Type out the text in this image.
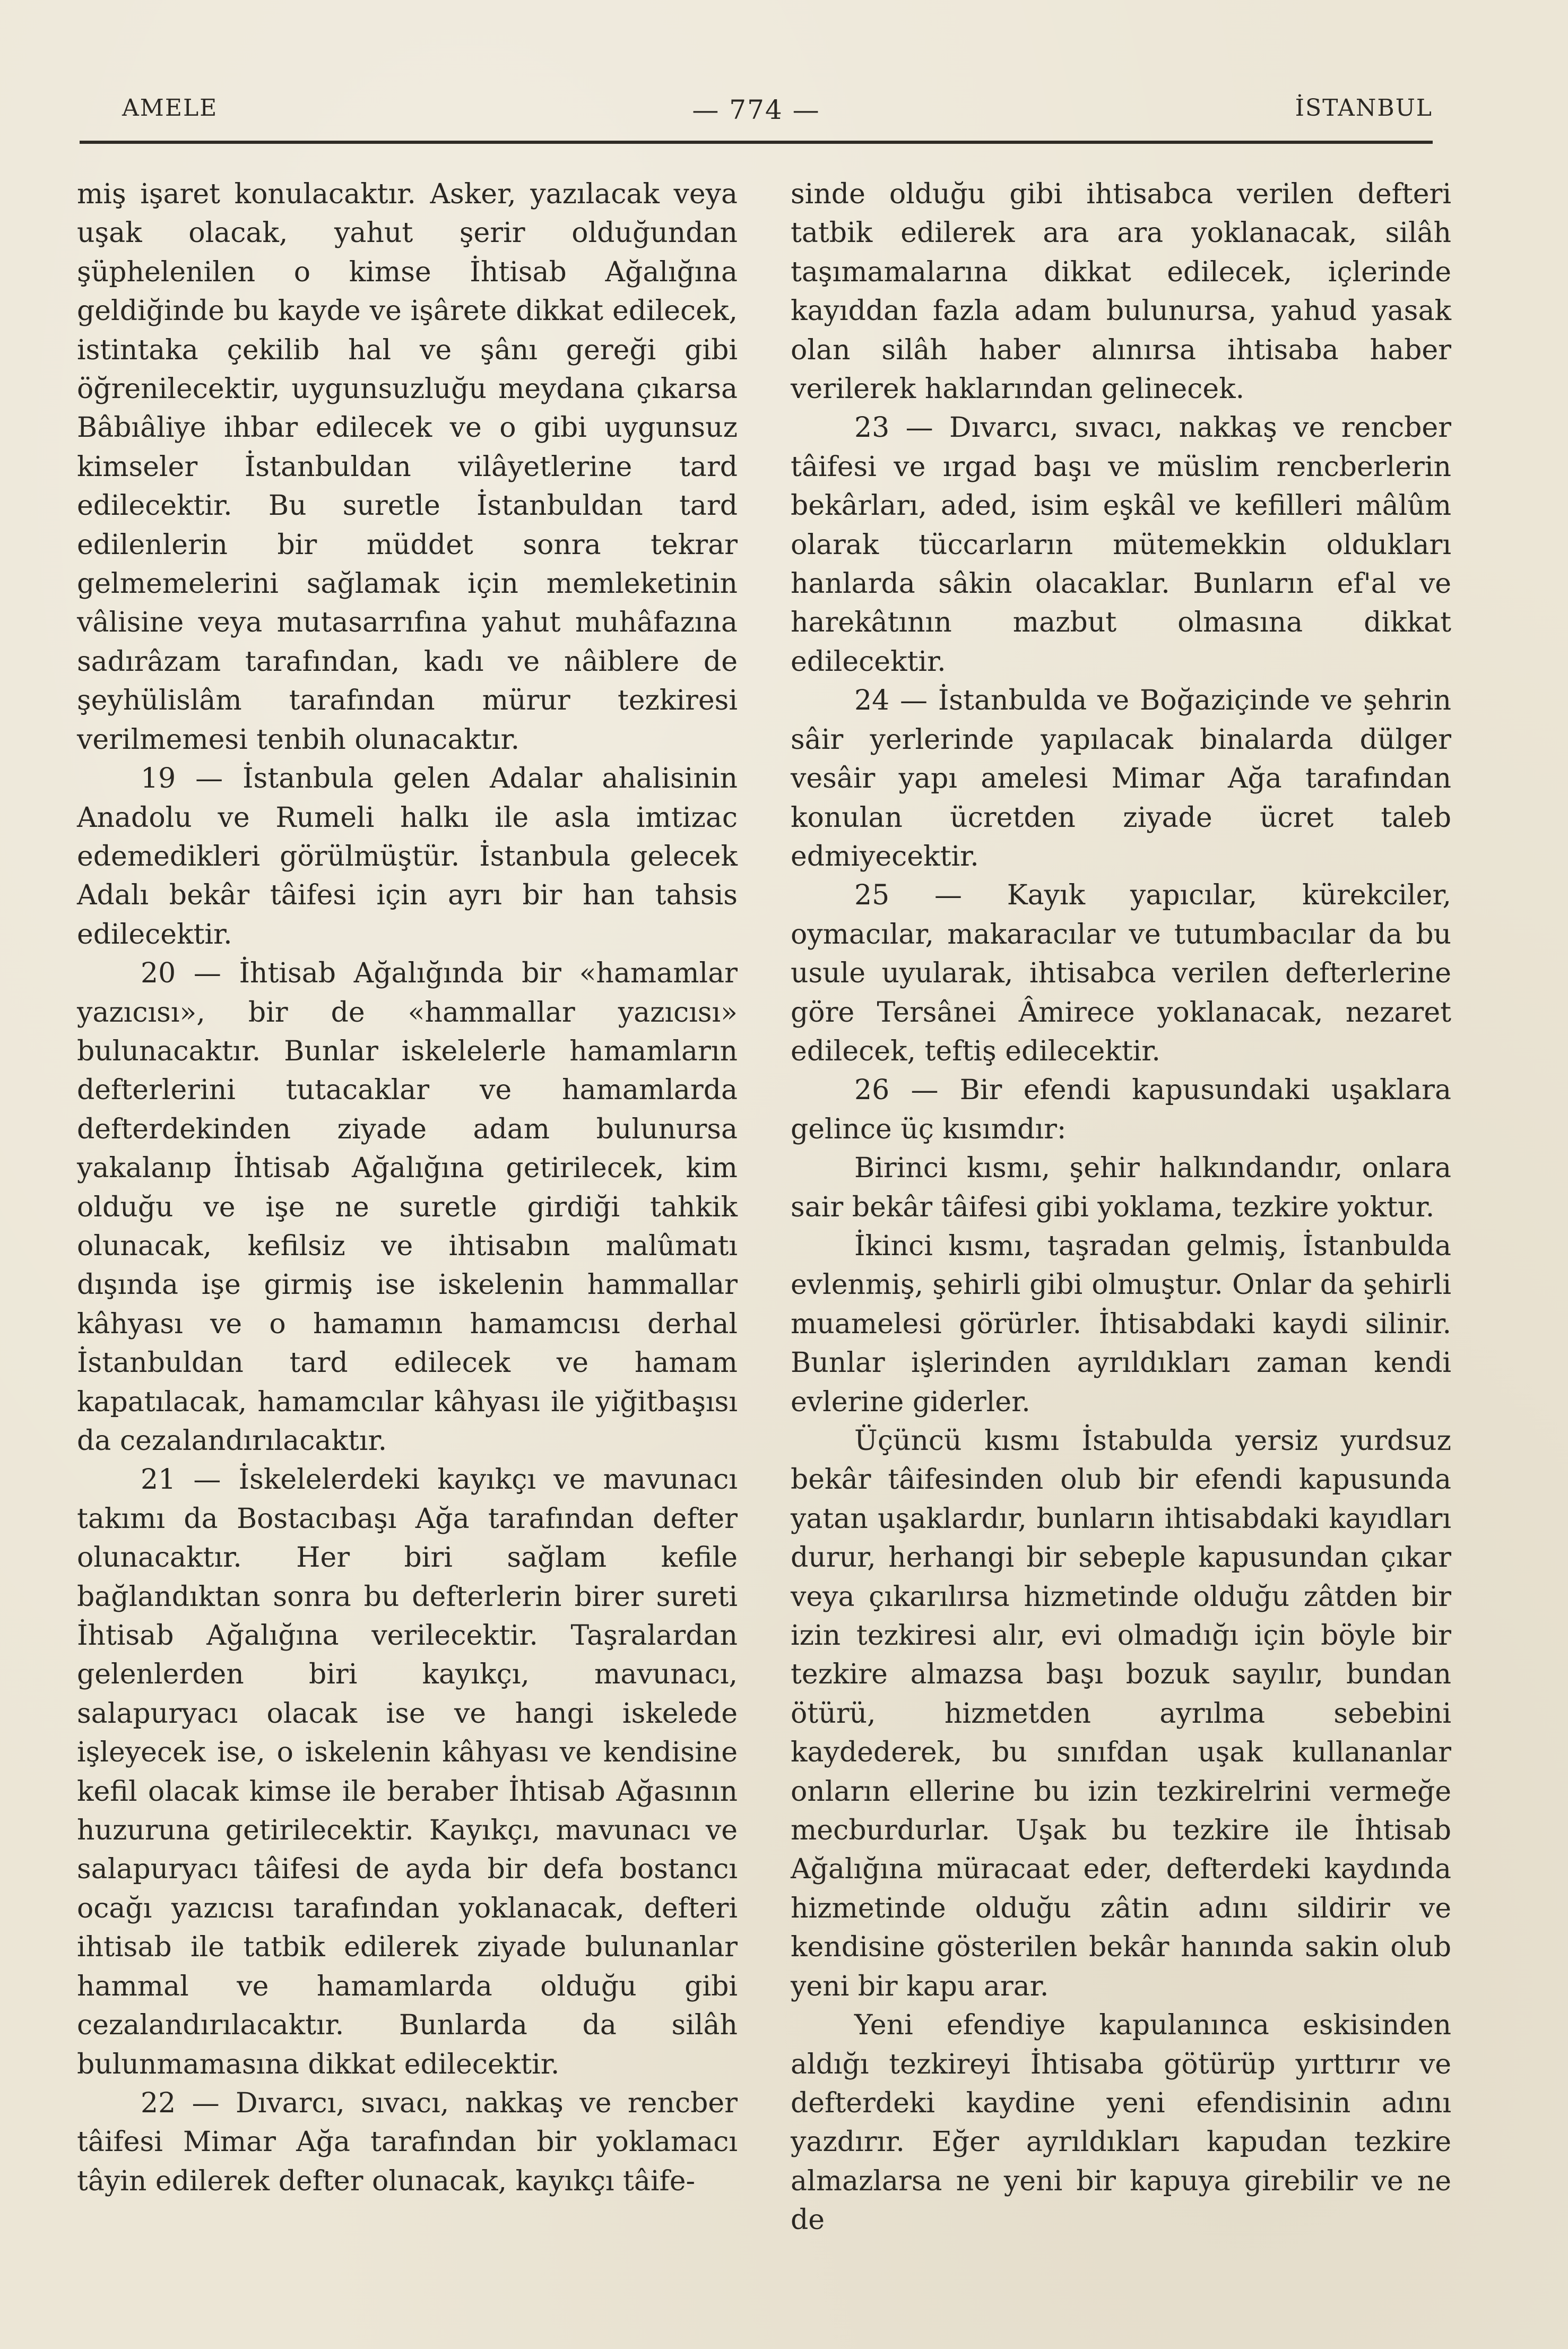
AMELE	— 774 —	İSTANBUL

miş işaret konulacaktır. Asker, yazılacak veya uşak olacak, yahut şerir olduğundan şüphelenilen o kimse İhtisab Ağalığına geldiğinde bu kayde ve işârete dikkat edilecek, istintaka çekilib hal ve şânı gereği gibi öğrenilecektir, uygunsuzluğu meydana çıkarsa Bâbıâliye ihbar edilecek ve o gibi uygunsuz kimseler İstanbuldan vilâyetlerine tard edilecektir. Bu suretle İstanbuldan tard edilenlerin bir müddet sonra tekrar gelmemelerini sağlamak için memleketinin vâlisine veya mutasarrıfına yahut muhâfazına sadırâzam tarafından, kadı ve nâiblere de şeyhülislâm tarafından mürur tezkiresi verilmemesi tenbih olunacaktır.

19 — İstanbula gelen Adalar ahalisinin Anadolu ve Rumeli halkı ile asla imtizac edemedikleri görülmüştür. İstanbula gelecek Adalı bekâr tâifesi için ayrı bir han tahsis edilecektir.

20 — İhtisab Ağalığında bir «hamamlar yazıcısı», bir de «hammallar yazıcısı» bulunacaktır. Bunlar iskelelerle hamamların defterlerini tutacaklar ve hamamlarda defterdekinden ziyade adam bulunursa yakalanıp İhtisab Ağalığına getirilecek, kim olduğu ve işe ne suretle girdiği tahkik olunacak, kefilsiz ve ihtisabın malûmatı dışında işe girmiş ise iskelenin hammallar kâhyası ve o hamamın hamamcısı derhal İstanbuldan tard edilecek ve hamam kapatılacak, hamamcılar kâhyası ile yiğitbaşısı da cezalandırılacaktır.

21 — İskelelerdeki kayıkçı ve mavunacı takımı da Bostacıbaşı Ağa tarafından defter olunacaktır. Her biri sağlam kefile bağlandıktan sonra bu defterlerin birer sureti İhtisab Ağalığına verilecektir. Taşralardan gelenlerden biri kayıkçı, mavunacı, salapuryacı olacak ise ve hangi iskelede işleyecek ise, o iskelenin kâhyası ve kendisine kefil olacak kimse ile beraber İhtisab Ağasının huzuruna getirilecektir. Kayıkçı, mavunacı ve salapuryacı tâifesi de ayda bir defa bostancı ocağı yazıcısı tarafından yoklanacak, defteri ihtisab ile tatbik edilerek ziyade bulunanlar hammal ve hamamlarda olduğu gibi cezalandırılacaktır. Bunlarda da silâh bulunmamasına dikkat edilecektir.

22 — Dıvarcı, sıvacı, nakkaş ve rencber tâifesi Mimar Ağa tarafından bir yoklamacı tâyin edilerek defter olunacak, kayıkçı tâife-

sinde olduğu gibi ihtisabca verilen defteri tatbik edilerek ara ara yoklanacak, silâh taşımamalarına dikkat edilecek, içlerinde kayıddan fazla adam bulunursa, yahud yasak olan silâh haber alınırsa ihtisaba haber verilerek haklarından gelinecek.

23 — Dıvarcı, sıvacı, nakkaş ve rencber tâifesi ve ırgad başı ve müslim rencberlerin bekârları, aded, isim eşkâl ve kefilleri mâlûm olarak tüccarların mütemekkin oldukları hanlarda sâkin olacaklar. Bunların ef'al ve harekâtının mazbut olmasına dikkat edilecektir.

24 — İstanbulda ve Boğaziçinde ve şehrin sâir yerlerinde yapılacak binalarda dülger vesâir yapı amelesi Mimar Ağa tarafından konulan ücretden ziyade ücret taleb edmiyecektir.

25 — Kayık yapıcılar, kürekciler, oymacılar, makaracılar ve tutumbacılar da bu usule uyularak, ihtisabca verilen defterlerine göre Tersânei Âmirece yoklanacak, nezaret edilecek, teftiş edilecektir.

26 — Bir efendi kapusundaki uşaklara gelince üç kısımdır:

Birinci kısmı, şehir halkındandır, onlara sair bekâr tâifesi gibi yoklama, tezkire yoktur.

İkinci kısmı, taşradan gelmiş, İstanbulda evlenmiş, şehirli gibi olmuştur. Onlar da şehirli muamelesi görürler. İhtisabdaki kaydi silinir. Bunlar işlerinden ayrıldıkları zaman kendi evlerine giderler.

Üçüncü kısmı İstabulda yersiz yurdsuz bekâr tâifesinden olub bir efendi kapusunda yatan uşaklardır, bunların ihtisabdaki kayıdları durur, herhangi bir sebeple kapusundan çıkar veya çıkarılırsa hizmetinde olduğu zâtden bir izin tezkiresi alır, evi olmadığı için böyle bir tezkire almazsa başı bozuk sayılır, bundan ötürü, hizmetden ayrılma sebebini kaydederek, bu sınıfdan uşak kullananlar onların ellerine bu izin tezkirelrini vermeğe mecburdurlar. Uşak bu tezkire ile İhtisab Ağalığına müracaat eder, defterdeki kaydında hizmetinde olduğu zâtin adını sildirir ve kendisine gösterilen bekâr hanında sakin olub yeni bir kapu arar.

Yeni efendiye kapulanınca eskisinden aldığı tezkireyi İhtisaba götürüp yırttırır ve defterdeki kaydine yeni efendisinin adını yazdırır. Eğer ayrıldıkları kapudan tezkire almazlarsa ne yeni bir kapuya girebilir ve ne de
